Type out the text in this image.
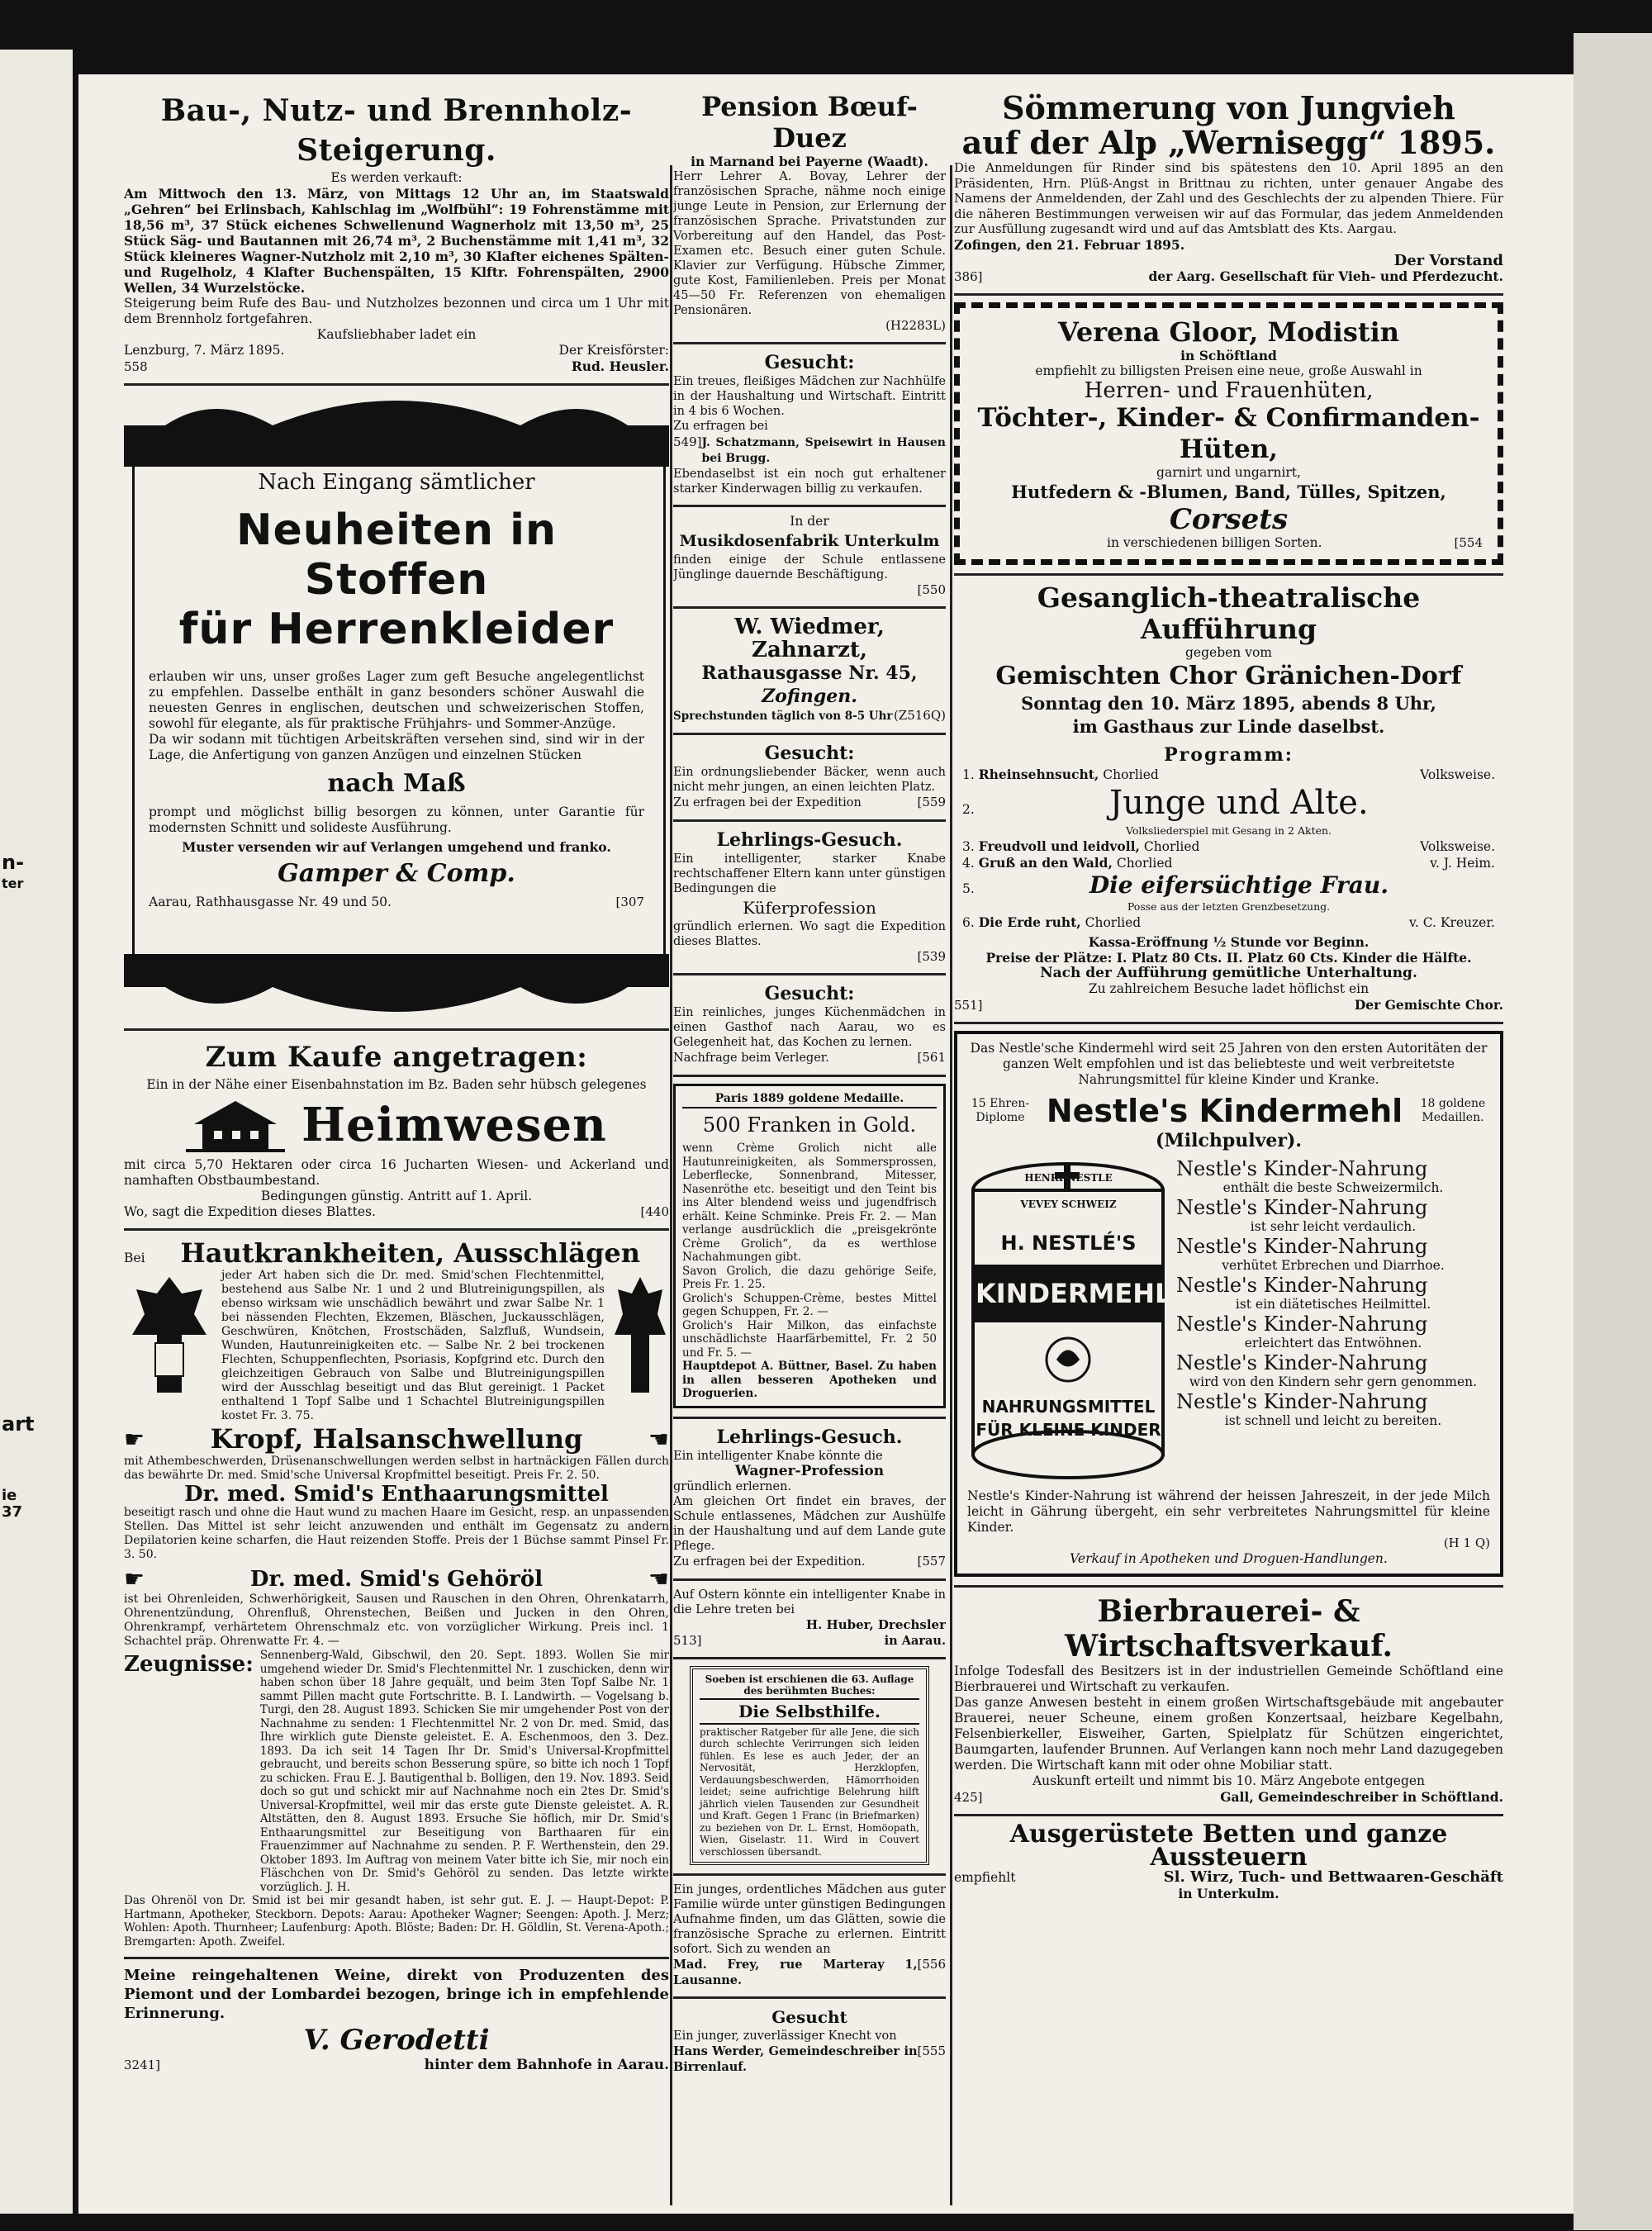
n-
ter
art
ie
37
Bau-, Nutz- und Brennholz-Steigerung.
Es werden verkauft:
Am Mittwoch den 13. März, von Mittags 12 Uhr an, im Staatswald „Gehren“ bei Erlinsbach, Kahlschlag im „Wolfbühl“: 19 Fohrenstämme mit 18,56 m³, 37 Stück eichenes Schwellenund Wagnerholz mit 13,50 m³, 25 Stück Säg- und Bautannen mit 26,74 m³, 2 Buchenstämme mit 1,41 m³, 32 Stück kleineres Wagner-Nutzholz mit 2,10 m³, 30 Klafter eichenes Spälten- und Rugelholz, 4 Klafter Buchenspälten, 15 Klftr. Fohrenspälten, 2900 Wellen, 34 Wurzelstöcke.
Steigerung beim Rufe des Bau- und Nutzholzes bezonnen und circa um 1 Uhr mit dem Brennholz fortgefahren.
Kaufsliebhaber ladet ein
Lenzburg, 7. März 1895.	Der Kreisförster:
558	Rud. Heusler.
Nach Eingang sämtlicher
Neuheiten in Stoffen
für Herrenkleider
erlauben wir uns, unser großes Lager zum geft Besuche angelegentlichst zu empfehlen. Dasselbe enthält in ganz besonders schöner Auswahl die neuesten Genres in englischen, deutschen und schweizerischen Stoffen, sowohl für elegante, als für praktische Frühjahrs- und Sommer-Anzüge.
Da wir sodann mit tüchtigen Arbeitskräften versehen sind, sind wir in der Lage, die Anfertigung von ganzen Anzügen und einzelnen Stücken
nach Maß
prompt und möglichst billig besorgen zu können, unter Garantie für modernsten Schnitt und solideste Ausführung.
Muster versenden wir auf Verlangen umgehend und franko.
Gamper & Comp.
Aarau, Rathhausgasse Nr. 49 und 50.	[307
Zum Kaufe angetragen:
Ein in der Nähe einer Eisenbahnstation im Bz. Baden sehr hübsch gelegenes
Heimwesen
mit circa 5,70 Hektaren oder circa 16 Jucharten Wiesen- und Ackerland und namhaften Obstbaumbestand.
Bedingungen günstig. Antritt auf 1. April.
Wo, sagt die Expedition dieses Blattes.	[440
Bei	Hautkrankheiten, Ausschlägen
jeder Art haben sich die Dr. med. Smid'schen Flechtenmittel, bestehend aus Salbe Nr. 1 und 2 und Blutreinigungspillen, als ebenso wirksam wie unschädlich bewährt und zwar Salbe Nr. 1 bei nässenden Flechten, Ekzemen, Bläschen, Juckausschlägen, Geschwüren, Knötchen, Frostschäden, Salzfluß, Wundsein, Wunden, Hautunreinigkeiten etc. — Salbe Nr. 2 bei trockenen Flechten, Schuppenflechten, Psoriasis, Kopfgrind etc. Durch den gleichzeitigen Gebrauch von Salbe und Blutreinigungspillen wird der Ausschlag beseitigt und das Blut gereinigt. 1 Packet enthaltend 1 Topf Salbe und 1 Schachtel Blutreinigungspillen kostet Fr. 3. 75.
☛	Kropf, Halsanschwellung	☚
mit Athembeschwerden, Drüsenanschwellungen werden selbst in hartnäckigen Fällen durch das bewährte Dr. med. Smid'sche Universal Kropfmittel beseitigt. Preis Fr. 2. 50.
Dr. med. Smid's Enthaarungsmittel
beseitigt rasch und ohne die Haut wund zu machen Haare im Gesicht, resp. an unpassenden Stellen. Das Mittel ist sehr leicht anzuwenden und enthält im Gegensatz zu andern Depilatorien keine scharfen, die Haut reizenden Stoffe. Preis der 1 Büchse sammt Pinsel Fr. 3. 50.
☛	Dr. med. Smid's Gehöröl	☚
ist bei Ohrenleiden, Schwerhörigkeit, Sausen und Rauschen in den Ohren, Ohrenkatarrh, Ohrenentzündung, Ohrenfluß, Ohrenstechen, Beißen und Jucken in den Ohren, Ohrenkrampf, verhärtetem Ohrenschmalz etc. von vorzüglicher Wirkung. Preis incl. 1 Schachtel präp. Ohrenwatte Fr. 4. —
Zeugnisse: Sennenberg-Wald, Gibschwil, den 20. Sept. 1893. Wollen Sie mir umgehend wieder Dr. Smid's Flechtenmittel Nr. 1 zuschicken, denn wir haben schon über 18 Jahre gequält, und beim 3ten Topf Salbe Nr. 1 sammt Pillen macht gute Fortschritte. B. I. Landwirth. — Vogelsang b. Turgi, den 28. August 1893. Schicken Sie mir umgehender Post von der Nachnahme zu senden: 1 Flechtenmittel Nr. 2 von Dr. med. Smid, das Ihre wirklich gute Dienste geleistet. E. A. Eschenmoos, den 3. Dez. 1893. Da ich seit 14 Tagen Ihr Dr. Smid's Universal-Kropfmittel gebraucht, und bereits schon Besserung spüre, so bitte ich noch 1 Topf zu schicken. Frau E. J. Bautigenthal b. Bolligen, den 19. Nov. 1893. Seid doch so gut und schickt mir auf Nachnahme noch ein 2tes Dr. Smid's Universal-Kropfmittel, weil mir das erste gute Dienste geleistet. A. R. Altstätten, den 8. August 1893. Ersuche Sie höflich, mir Dr. Smid's Enthaarungsmittel zur Beseitigung von Barthaaren für ein Frauenzimmer auf Nachnahme zu senden. P. F. Werthenstein, den 29. Oktober 1893. Im Auftrag von meinem Vater bitte ich Sie, mir noch ein Fläschchen von Dr. Smid's Gehöröl zu senden. Das letzte wirkte vorzüglich. J. H.
Das Ohrenöl von Dr. Smid ist bei mir gesandt haben, ist sehr gut. E. J. — Haupt-Depot: P. Hartmann, Apotheker, Steckborn. Depots: Aarau: Apotheker Wagner; Seengen: Apoth. J. Merz; Wohlen: Apoth. Thurnheer; Laufenburg: Apoth. Blöste; Baden: Dr. H. Göldlin, St. Verena-Apoth.; Bremgarten: Apoth. Zweifel.
Meine reingehaltenen Weine, direkt von Produzenten des Piemont und der Lombardei bezogen, bringe ich in empfehlende Erinnerung.
V. Gerodetti
3241]	hinter dem Bahnhofe in Aarau.
Pension Bœuf-Duez
in Marnand bei Payerne (Waadt).
Herr Lehrer A. Bovay, Lehrer der französischen Sprache, nähme noch einige junge Leute in Pension, zur Erlernung der französischen Sprache. Privatstunden zur Vorbereitung auf den Handel, das Post-Examen etc. Besuch einer guten Schule. Klavier zur Verfügung. Hübsche Zimmer, gute Kost, Familienleben. Preis per Monat 45—50 Fr. Referenzen von ehemaligen Pensionären.
(H2283L)
Gesucht:
Ein treues, fleißiges Mädchen zur Nachhülfe in der Haushaltung und Wirtschaft. Eintritt in 4 bis 6 Wochen.
Zu erfragen bei
549] J. Schatzmann, Speisewirt in Hausen bei Brugg.
Ebendaselbst ist ein noch gut erhaltener starker Kinderwagen billig zu verkaufen.
In der
Musikdosenfabrik Unterkulm
finden einige der Schule entlassene Jünglinge dauernde Beschäftigung.
[550
W. Wiedmer, Zahnarzt,
Rathausgasse Nr. 45,
Zofingen.
Sprechstunden täglich von 8-5 Uhr (Z516Q)
Gesucht:
Ein ordnungsliebender Bäcker, wenn auch nicht mehr jungen, an einen leichten Platz.
Zu erfragen bei der Expedition	[559
Lehrlings-Gesuch.
Ein intelligenter, starker Knabe rechtschaffener Eltern kann unter günstigen Bedingungen die
Küferprofession
gründlich erlernen. Wo sagt die Expedition dieses Blattes.
[539
Gesucht:
Ein reinliches, junges Küchenmädchen in einen Gasthof nach Aarau, wo es Gelegenheit hat, das Kochen zu lernen.
Nachfrage beim Verleger.	[561
Paris 1889 goldene Medaille.
500 Franken in Gold.
wenn Crème Grolich nicht alle Hautunreinigkeiten, als Sommersprossen, Leberflecke, Sonnenbrand, Mitesser, Nasenröthe etc. beseitigt und den Teint bis ins Alter blendend weiss und jugendfrisch erhält. Keine Schminke. Preis Fr. 2. — Man verlange ausdrücklich die „preisgekrönte Crème Grolich“, da es werthlose Nachahmungen gibt.
Savon Grolich, die dazu gehörige Seife, Preis Fr. 1. 25.
Grolich's Schuppen-Crème, bestes Mittel gegen Schuppen, Fr. 2. —
Grolich's Hair Milkon, das einfachste unschädlichste Haarfärbemittel, Fr. 2 50 und Fr. 5. —
Hauptdepot A. Büttner, Basel. Zu haben in allen besseren Apotheken und Droguerien.
Lehrlings-Gesuch.
Ein intelligenter Knabe könnte die
Wagner-Profession
gründlich erlernen.
Am gleichen Ort findet ein braves, der Schule entlassenes, Mädchen zur Aushülfe in der Haushaltung und auf dem Lande gute Pflege.
Zu erfragen bei der Expedition.	[557
Auf Ostern könnte ein intelligenter Knabe in die Lehre treten bei
H. Huber, Drechsler
513]	in Aarau.
Soeben ist erschienen die 63. Auflage des berühmten Buches:
Die Selbsthilfe.
praktischer Ratgeber für alle Jene, die sich durch schlechte Verirrungen sich leiden fühlen. Es lese es auch Jeder, der an Nervosität, Herzklopfen, Verdauungsbeschwerden, Hämorrhoiden leidet; seine aufrichtige Belehrung hilft jährlich vielen Tausenden zur Gesundheit und Kraft. Gegen 1 Franc (in Briefmarken) zu beziehen von Dr. L. Ernst, Homöopath, Wien, Giselastr. 11. Wird in Couvert verschlossen übersandt.
Ein junges, ordentliches Mädchen aus guter Familie würde unter günstigen Bedingungen Aufnahme finden, um das Glätten, sowie die französische Sprache zu erlernen. Eintritt sofort. Sich zu wenden an
Mad. Frey, rue Marteray 1, Lausanne.
[556
Gesucht
Ein junger, zuverlässiger Knecht von
Hans Werder, Gemeindeschreiber in Birrenlauf.
[555
Sömmerung von Jungvieh
auf der Alp „Wernisegg“ 1895.
Die Anmeldungen für Rinder sind bis spätestens den 10. April 1895 an den Präsidenten, Hrn. Plüß-Angst in Brittnau zu richten, unter genauer Angabe des Namens der Anmeldenden, der Zahl und des Geschlechts der zu alpenden Thiere. Für die näheren Bestimmungen verweisen wir auf das Formular, das jedem Anmeldenden zur Ausfüllung zugesandt wird und auf das Amtsblatt des Kts. Aargau.
Zofingen, den 21. Februar 1895.
Der Vorstand
386]	der Aarg. Gesellschaft für Vieh- und Pferdezucht.
Verena Gloor, Modistin
in Schöftland
empfiehlt zu billigsten Preisen eine neue, große Auswahl in
Herren- und Frauenhüten,
Töchter-, Kinder- & Confirmanden-Hüten,
garnirt und ungarnirt,
Hutfedern & -Blumen, Band, Tülles, Spitzen,
Corsets
in verschiedenen billigen Sorten.	[554
Gesanglich-theatralische Aufführung
gegeben vom
Gemischten Chor Gränichen-Dorf
Sonntag den 10. März 1895, abends 8 Uhr,
im Gasthaus zur Linde daselbst.
Programm:
1. Rheinsehnsucht, Chorlied	Volksweise.
2.	Junge und Alte.
Volksliederspiel mit Gesang in 2 Akten.
3. Freudvoll und leidvoll, Chorlied	Volksweise.
4. Gruß an den Wald, Chorlied	v. J. Heim.
5.	Die eifersüchtige Frau.
Posse aus der letzten Grenzbesetzung.
6. Die Erde ruht, Chorlied	v. C. Kreuzer.
Kassa-Eröffnung ½ Stunde vor Beginn.
Preise der Plätze: I. Platz 80 Cts. II. Platz 60 Cts. Kinder die Hälfte.
Nach der Aufführung gemütliche Unterhaltung.
Zu zahlreichem Besuche ladet höflichst ein
551]	Der Gemischte Chor.
Das Nestle'sche Kindermehl wird seit 25 Jahren von den ersten Autoritäten der ganzen Welt empfohlen und ist das beliebteste und weit verbreitetste Nahrungsmittel für kleine Kinder und Kranke.
15 Ehren-Diplome Nestle's Kindermehl	18 goldene Medaillen.
(Milchpulver).
HENRI NESTLE
VEVEY SCHWEIZ
H. NESTLÉ'S
KINDERMEHL
NAHRUNGSMITTEL
FÜR KLEINE KINDER
Nestle's Kinder-Nahrung
enthält die beste Schweizermilch.
Nestle's Kinder-Nahrung
ist sehr leicht verdaulich.
Nestle's Kinder-Nahrung
verhütet Erbrechen und Diarrhoe.
Nestle's Kinder-Nahrung
ist ein diätetisches Heilmittel.
Nestle's Kinder-Nahrung
erleichtert das Entwöhnen.
Nestle's Kinder-Nahrung
wird von den Kindern sehr gern genommen.
Nestle's Kinder-Nahrung
ist schnell und leicht zu bereiten.
Nestle's Kinder-Nahrung ist während der heissen Jahreszeit, in der jede Milch leicht in Gährung übergeht, ein sehr verbreitetes Nahrungsmittel für kleine Kinder.
(H 1 Q)
Verkauf in Apotheken und Droguen-Handlungen.
Bierbrauerei- & Wirtschaftsverkauf.
Infolge Todesfall des Besitzers ist in der industriellen Gemeinde Schöftland eine Bierbrauerei und Wirtschaft zu verkaufen.
Das ganze Anwesen besteht in einem großen Wirtschaftsgebäude mit angebauter Brauerei, neuer Scheune, einem großen Konzertsaal, heizbare Kegelbahn, Felsenbierkeller, Eisweiher, Garten, Spielplatz für Schützen eingerichtet, Baumgarten, laufender Brunnen. Auf Verlangen kann noch mehr Land dazugegeben werden. Die Wirtschaft kann mit oder ohne Mobiliar statt.
Auskunft erteilt und nimmt bis 10. März Angebote entgegen
425]	Gall, Gemeindeschreiber in Schöftland.
Ausgerüstete Betten und ganze Aussteuern
empfiehlt	Sl. Wirz, Tuch- und Bettwaaren-Geschäft
in Unterkulm.
